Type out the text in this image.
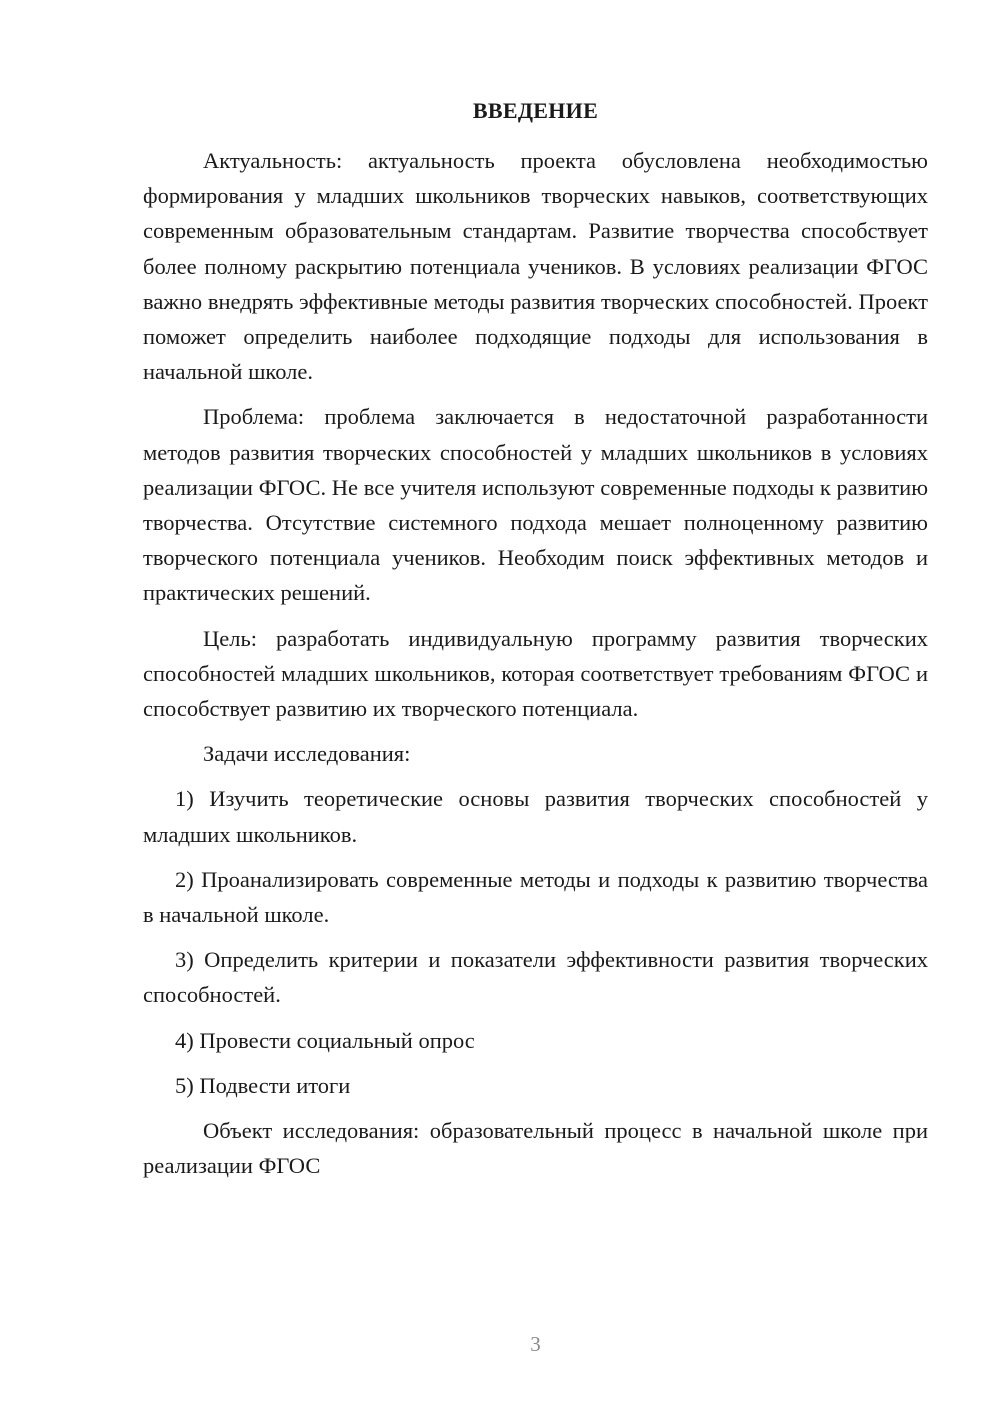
ВВЕДЕНИЕ

Актуальность: актуальность проекта обусловлена необходимостью формирования у младших школьников творческих навыков, соответствующих современным образовательным стандартам. Развитие творчества способствует более полному раскрытию потенциала учеников. В условиях реализации ФГОС важно внедрять эффективные методы развития творческих способностей. Проект поможет определить наиболее подходящие подходы для использования в начальной школе.

Проблема: проблема заключается в недостаточной разработанности методов развития творческих способностей у младших школьников в условиях реализации ФГОС. Не все учителя используют современные подходы к развитию творчества. Отсутствие системного подхода мешает полноценному развитию творческого потенциала учеников. Необходим поиск эффективных методов и практических решений.

Цель: разработать индивидуальную программу развития творческих способностей младших школьников, которая соответствует требованиям ФГОС и способствует развитию их творческого потенциала.

Задачи исследования:

1) Изучить теоретические основы развития творческих способностей у младших школьников.

2) Проанализировать современные методы и подходы к развитию творчества в начальной школе.

3) Определить критерии и показатели эффективности развития творческих способностей.

4) Провести социальный опрос

5) Подвести итоги

Объект исследования: образовательный процесс в начальной школе при реализации ФГОС

3
